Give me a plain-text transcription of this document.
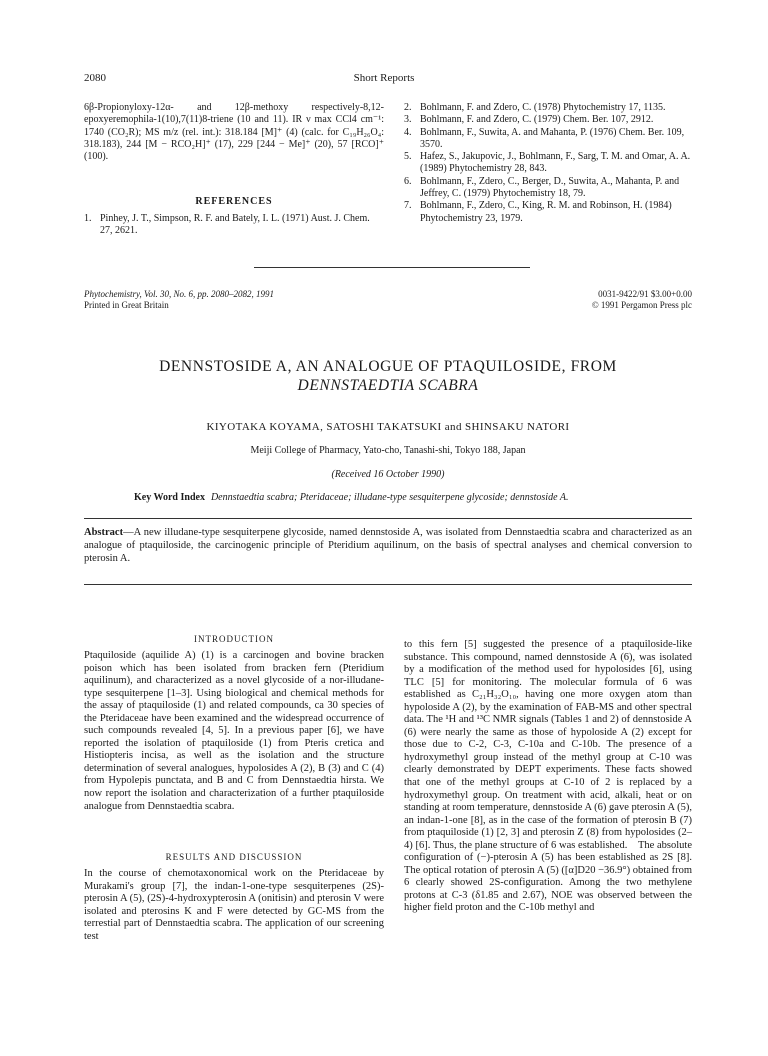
2080	Short Reports

6β-Propionyloxy-12α- and 12β-methoxy respectively-8,12-epoxyeremophila-1(10),7(11)8-triene (10 and 11). IR ν max CCl4 cm⁻¹: 1740 (CO₂R); MS m/z (rel. int.): 318.184 [M]⁺ (4) (calc. for C₁₉H₂₆O₄: 318.183), 244 [M − RCO₂H]⁺ (17), 229 [244 − Me]⁺ (20), 57 [RCO]⁺ (100).

REFERENCES
1. Pinhey, J. T., Simpson, R. F. and Bately, I. L. (1971) Aust. J. Chem. 27, 2621.
2. Bohlmann, F. and Zdero, C. (1978) Phytochemistry 17, 1135.
3. Bohlmann, F. and Zdero, C. (1979) Chem. Ber. 107, 2912.
4. Bohlmann, F., Suwita, A. and Mahanta, P. (1976) Chem. Ber. 109, 3570.
5. Hafez, S., Jakupovic, J., Bohlmann, F., Sarg, T. M. and Omar, A. A. (1989) Phytochemistry 28, 843.
6. Bohlmann, F., Zdero, C., Berger, D., Suwita, A., Mahanta, P. and Jeffrey, C. (1979) Phytochemistry 18, 79.
7. Bohlmann, F., Zdero, C., King, R. M. and Robinson, H. (1984) Phytochemistry 23, 1979.
Phytochemistry, Vol. 30, No. 6, pp. 2080–2082, 1991
Printed in Great Britain
0031-9422/91 $3.00+0.00
© 1991 Pergamon Press plc
DENNSTOSIDE A, AN ANALOGUE OF PTAQUILOSIDE, FROM
DENNSTAEDTIA SCABRA
KIYOTAKA KOYAMA, SATOSHI TAKATSUKI and SHINSAKU NATORI
Meiji College of Pharmacy, Yato-cho, Tanashi-shi, Tokyo 188, Japan
(Received 16 October 1990)
Key Word Index Dennstaedtia scabra; Pteridaceae; illudane-type sesquiterpene glycoside; dennstoside A.
Abstract—A new illudane-type sesquiterpene glycoside, named dennstoside A, was isolated from Dennstaedtia scabra and characterized as an analogue of ptaquiloside, the carcinogenic principle of Pteridium aquilinum, on the basis of spectral analyses and chemical conversion to pterosin A.
INTRODUCTION

Ptaquiloside (aquilide A) (1) is a carcinogen and bovine bracken poison which has been isolated from bracken fern (Pteridium aquilinum), and characterized as a novel glycoside of a nor-illudane-type sesquiterpene [1–3]. Using biological and chemical methods for the assay of ptaquiloside (1) and related compounds, ca 30 species of the Pteridaceae have been examined and the widespread occurrence of such compounds revealed [4, 5]. In a previous paper [6], we have reported the isolation of ptaquiloside (1) from Pteris cretica and Histiopteris incisa, as well as the isolation and the structure determination of several analogues, hypolosides A (2), B (3) and C (4) from Hypolepis punctata, and B and C from Dennstaedtia hirsta. We now report the isolation and characterization of a further ptaquiloside analogue from Dennstaedtia scabra.

RESULTS AND DISCUSSION

In the course of chemotaxonomical work on the Pteridaceae by Murakami's group [7], the indan-1-one-type sesquiterpenes (2S)-pterosin A (5), (2S)-4-hydroxypterosin A (onitisin) and pterosin V were isolated and pterosins K and F were detected by GC-MS from the terrestial part of Dennstaedtia scabra. The application of our screening test

to this fern [5] suggested the presence of a ptaquiloside-like substance. This compound, named dennstoside A (6), was isolated by a modification of the method used for hypolosides [6], using TLC [5] for monitoring. The molecular formula of 6 was established as C₂₁H₃₂O₁₀, having one more oxygen atom than hypoloside A (2), by the examination of FAB-MS and other spectral data. The ¹H and ¹³C NMR signals (Tables 1 and 2) of dennstoside A (6) were nearly the same as those of hypoloside A (2) except for those due to C-2, C-3, C-10a and C-10b. The presence of a hydroxymethyl group instead of the methyl group at C-10 was clearly demonstrated by DEPT experiments. These facts showed that one of the methyl groups at C-10 of 2 is replaced by a hydroxymethyl group. On treatment with acid, alkali, heat or on standing at room temperature, dennstoside A (6) gave pterosin A (5), an indan-1-one [8], as in the case of the formation of pterosin B (7) from ptaquiloside (1) [2, 3] and pterosin Z (8) from hypolosides (2–4) [6]. Thus, the plane structure of 6 was established.    The absolute configuration of (−)-pterosin A (5) has been established as 2S [8]. The optical rotation of pterosin A (5) ([α]D20 −36.9°) obtained from 6 clearly showed 2S-configuration. Among the two methylene protons at C-3 (δ1.85 and 2.67), NOE was observed between the higher field proton and the C-10b methyl and
